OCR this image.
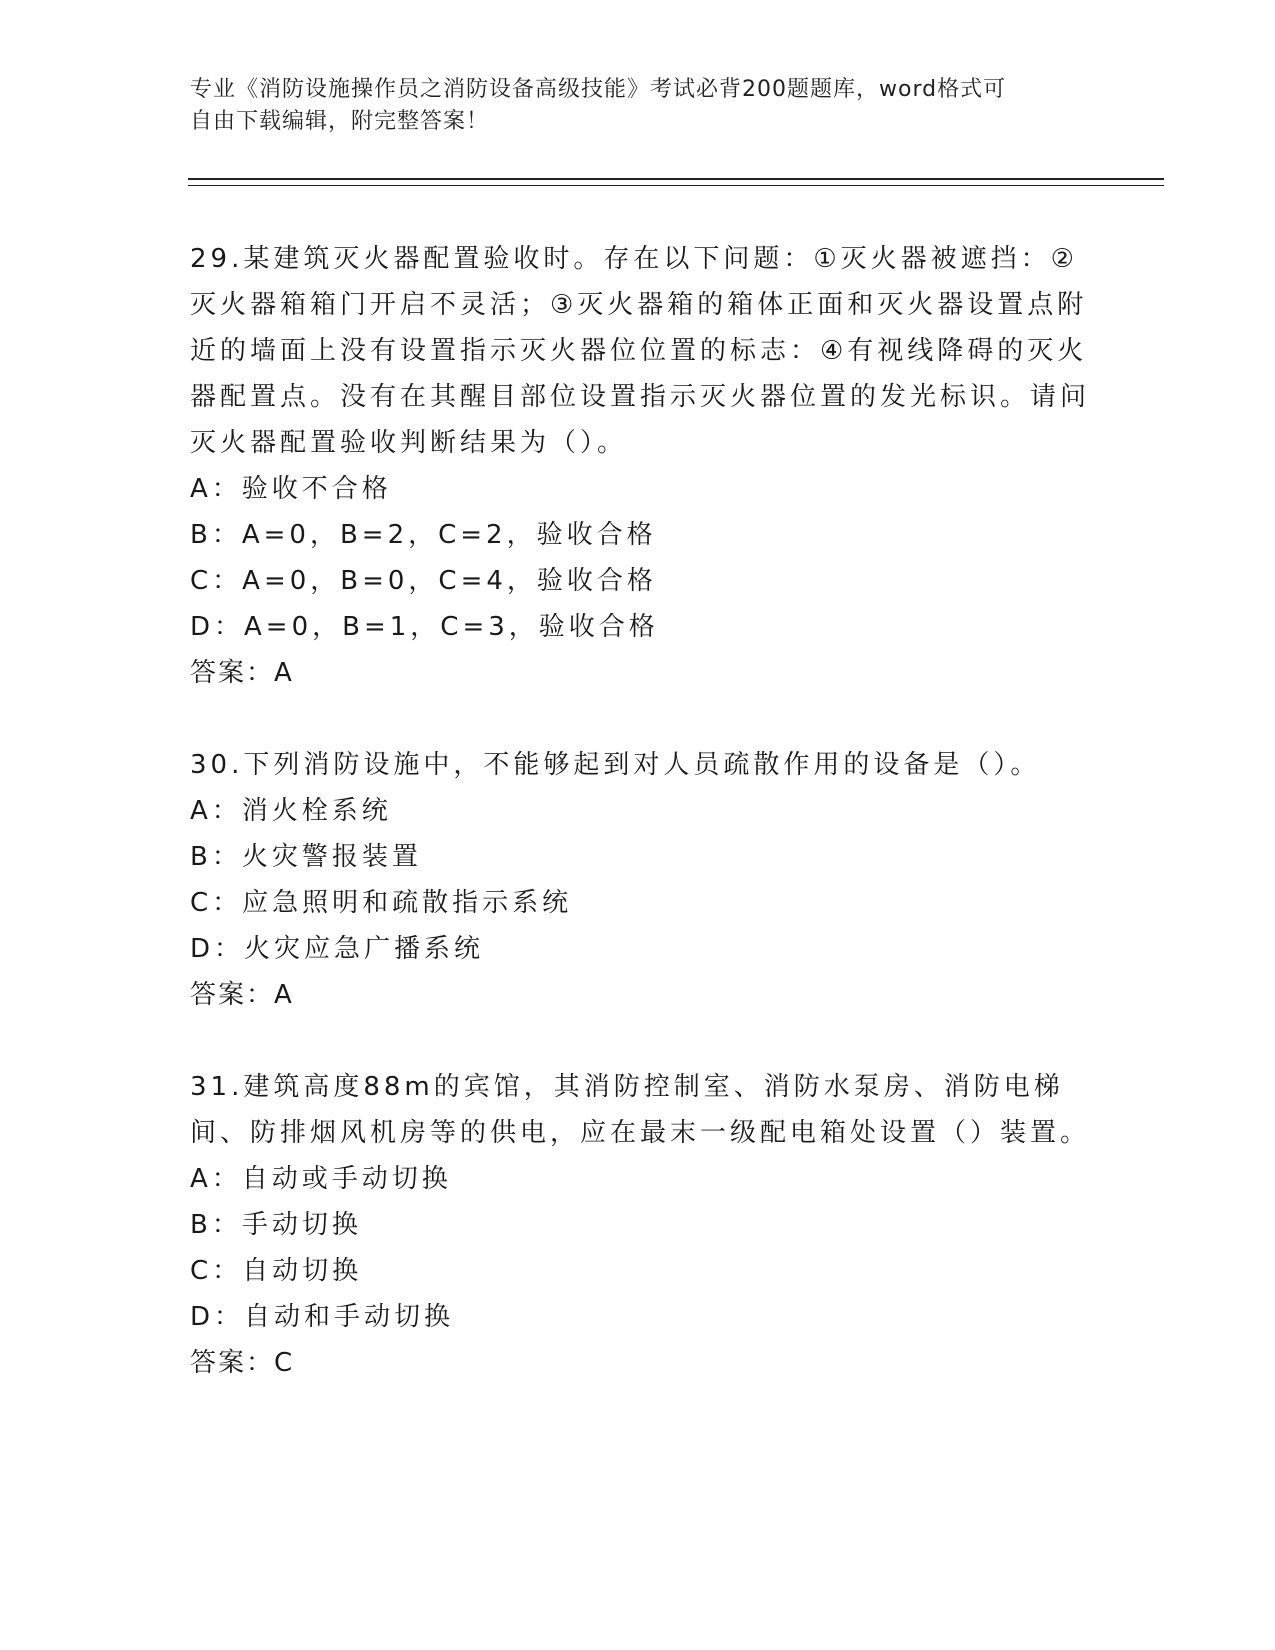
专业《消防设施操作员之消防设备高级技能》考试必背200题题库，word格式可
自由下载编辑，附完整答案！
29.某建筑灭火器配置验收时。存在以下问题：①灭火器被遮挡：②灭火器箱箱门开启不灵活；③灭火器箱的箱体正面和灭火器设置点附近的墙面上没有设置指示灭火器位位置的标志：④有视线降碍的灭火器配置点。没有在其醒目部位设置指示灭火器位置的发光标识。请问灭火器配置验收判断结果为（）。
A：验收不合格
B：A=0，B=2，C=2，验收合格
C：A=0，B=0，C=4，验收合格
D：A=0，B=1，C=3，验收合格
答案：A
30.下列消防设施中，不能够起到对人员疏散作用的设备是（）。
A：消火栓系统
B：火灾警报装置
C：应急照明和疏散指示系统
D：火灾应急广播系统
答案：A
31.建筑高度88m的宾馆，其消防控制室、消防水泵房、消防电梯间、防排烟风机房等的供电，应在最末一级配电箱处设置（）装置。
A：自动或手动切换
B：手动切换
C：自动切换
D：自动和手动切换
答案：C
